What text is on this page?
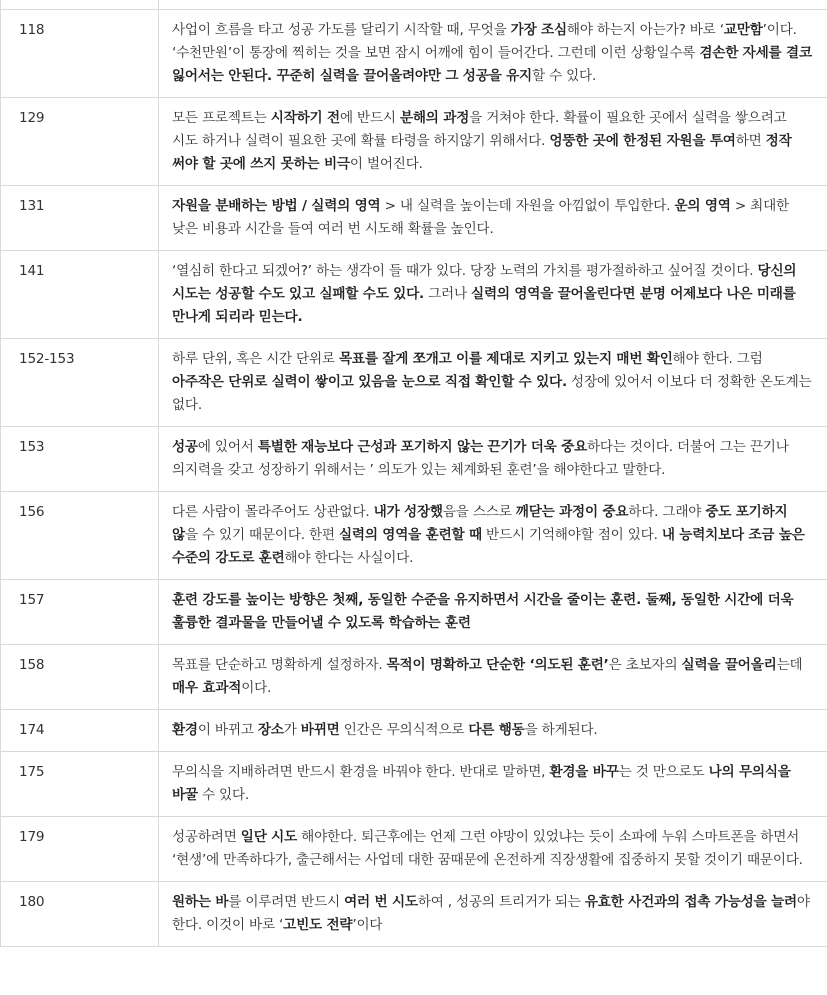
118	사업이 흐름을 타고 성공 가도를 달리기 시작할 때, 무엇을 가장 조심해야 하는지 아는가? 바로 ‘교만함’이다. ‘수천만원’이 통장에 찍히는 것을 보면 잠시 어깨에 힘이 들어간다. 그런데 이런 상황일수록 겸손한 자세를 결코 잃어서는 안된다. 꾸준히 실력을 끌어올려야만 그 성공을 유지할 수 있다.
129	모든 프로젝트는 시작하기 전에 반드시 분해의 과정을 거쳐야 한다. 확률이 필요한 곳에서 실력을 쌓으려고 시도 하거나 실력이 필요한 곳에 확률 타령을 하지않기 위해서다. 엉뚱한 곳에 한정된 자원을 투여하면 정작 써야 할 곳에 쓰지 못하는 비극이 벌어진다.
131	자원을 분배하는 방법 / 실력의 영역 > 내 실력을 높이는데 자원을 아낌없이 투입한다. 운의 영역 > 최대한 낮은 비용과 시간을 들여 여러 번 시도해 확률을 높인다.
141	‘열심히 한다고 되겠어?’ 하는 생각이 들 때가 있다. 당장 노력의 가치를 평가절하하고 싶어질 것이다. 당신의 시도는 성공할 수도 있고 실패할 수도 있다. 그러나 실력의 영역을 끌어올린다면 분명 어제보다 나은 미래를 만나게 되리라 믿는다.
152-153	하루 단위, 혹은 시간 단위로 목표를 잘게 쪼개고 이를 제대로 지키고 있는지 매번 확인해야 한다. 그럼 아주작은 단위로 실력이 쌓이고 있음을 눈으로 직접 확인할 수 있다. 성장에 있어서 이보다 더 정확한 온도계는 없다.
153	성공에 있어서 특별한 재능보다 근성과 포기하지 않는 끈기가 더욱 중요하다는 것이다. 더불어 그는 끈기나 의지력을 갖고 성장하기 위해서는 ’ 의도가 있는 체계화된 훈련’을 해야한다고 말한다.
156	다른 사람이 몰라주어도 상관없다. 내가 성장했음을 스스로 깨닫는 과정이 중요하다. 그래야 중도 포기하지 않을 수 있기 때문이다. 한편 실력의 영역을 훈련할 때 반드시 기억해야할 점이 있다. 내 능력치보다 조금 높은 수준의 강도로 훈련해야 한다는 사실이다.
157	훈련 강도를 높이는 방향은 첫째, 동일한 수준을 유지하면서 시간을 줄이는 훈련. 둘째, 동일한 시간에 더욱 훌륭한 결과물을 만들어낼 수 있도록 학습하는 훈련
158	목표를 단순하고 명확하게 설정하자. 목적이 명확하고 단순한 ‘의도된 훈련’은 초보자의 실력을 끌어올리는데 매우 효과적이다.
174	환경이 바뀌고 장소가 바뀌면 인간은 무의식적으로 다른 행동을 하게된다.
175	무의식을 지배하려면 반드시 환경을 바꿔야 한다. 반대로 말하면, 환경을 바꾸는 것 만으로도 나의 무의식을 바꿀 수 있다.
179	성공하려면 일단 시도 해야한다. 퇴근후에는 언제 그런 야망이 있었냐는 듯이 소파에 누워 스마트폰을 하면서 ‘현생’에 만족하다가, 출근해서는 사업데 대한 꿈때문에 온전하게 직장생활에 집중하지 못할 것이기 때문이다.
180	원하는 바를 이루려면 반드시 여러 번 시도하여 , 성공의 트리거가 되는 유효한 사건과의 접촉 가능성을 늘려야 한다. 이것이 바로 ‘고빈도 전략’이다
